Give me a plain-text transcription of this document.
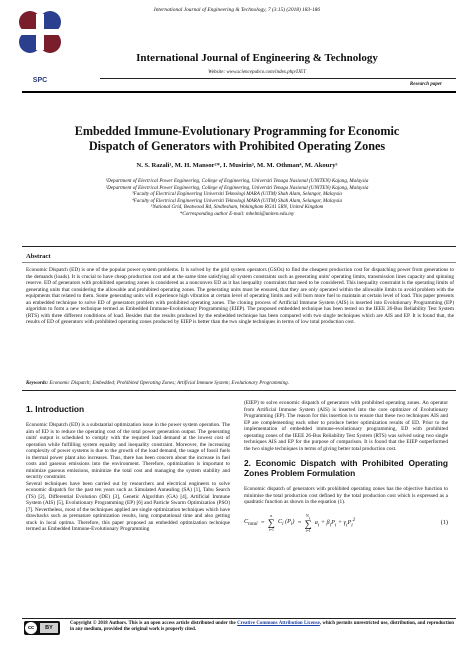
International Journal of Engineering & Technology, 7 (3.15) (2018) 183-186
SPC
International Journal of Engineering & Technology
Website: www.sciencepubco.com/index.php/IJET
Research paper
Embedded Immune-Evolutionary Programming for Economic
Dispatch of Generators with Prohibited Operating Zones
N. S. Razali¹, M. H. Mansor²*, I. Musirin³, M. M. Othman⁴, M. Akoury⁵
¹Department of Electrical Power Engineering, College of Engineering, Universiti Tenaga Nasional (UNITEN) Kajang, Malaysia
²Department of Electrical Power Engineering, College of Engineering, Universiti Tenaga Nasional (UNITEN) Kajang, Malaysia
³Faculty of Electrical Engineering Universiti Teknologi MARA (UiTM) Shah Alam, Selangor, Malaysia
⁴Faculty of Electrical Engineering Universiti Teknologi MARA (UiTM) Shah Alam, Selangor, Malaysia
⁵National Grid, Beatwood Rd, Sindlesham, Wokingham RG41 5RN, United Kingdom
*Corresponding author E-mail: mhelmi@uniten.edu.my
Abstract
Economic Dispatch (ED) is one of the popular power system problems. It is solved by the grid system operators (GSOs) to find the cheapest production cost for dispatching power from generations to the demands (loads). It is crucial to have cheap production cost and at the same time satisfying all system constraints such as generating units' operating limits, transmission lines capacity and spinning reserve. ED of generators with prohibited operating zones is considered as a nonconvex ED as it has inequality constraints that need to be considered. This inequality constraint is the operating limits of generating units that considering the allowable and prohibited operating zones. The generating units must be ensured, that they are only operated within the allowable limits to avoid problem with the equipments that related to them. Some generating units will experience high vibration at certain level of operating limits and will burn more fuel to maintain at certain level of load. This paper presents an embedded technique to solve ED of generators problem with prohibited operating zones. The cloning process of Artificial Immune System (AIS) is inserted into Evolutionary Programming (EP) algorithm to form a new technique termed as Embedded Immune-Evolutionary Programming (EIEP). The proposed embedded technique has been tested on the IEEE 26-Bus Reliability Test System (RTS) with three different conditions of load. Besides that the results produced by the embedded technique has been compared with two single techniques which are AIS and EP. It is found that, the results of ED of generators with prohibited operating zones produced by EIEP is better than the two single techniques in terms of low total production cost.
Keywords: Economic Dispatch; Embedded; Prohibited Operating Zones; Artificial Immune System; Evolutionary Programming.
1. Introduction

Economic Dispatch (ED) is a substantial optimization issue in the power system operation. The aim of ED is to reduce the operating cost of the total power generation output. The generating units' output is scheduled to comply with the required load demand at the lowest cost of operation while fulfilling system equality and inequality constraint. Moreover, the increasing complexity of power systems is due to the growth of the load demand, the usage of fossil fuels in thermal power plant also increases. Thus, there has been concern about the increase in fuel costs and gaseous emissions into the environment. Therefore, optimization is important to minimize gaseous emissions, minimize the total cost and managing the system stability and security constraint.

Several techniques have been carried out by researchers and electrical engineers to solve economic dispatch for the past ten years such as Simulated Annealing (SA) [1], Tabu Search (TS) [2], Differential Evolution (DE) [3], Genetic Algorithm (GA) [4], Artificial Immune System (AIS) [5], Evolutionary Programming (EP) [6] and Particle Swarm Optimization (PSO) [7]. Nevertheless, most of the techniques applied are single optimization techniques which have drawbacks such as premature optimization results, long computational time and also getting stuck in local optima. Therefore, this paper proposed an embedded optimization technique termed as Embedded Immune-Evolutionary Programming

(EIEP) to solve economic dispatch of generators with prohibited operating zones. An operator from Artificial Immune System (AIS) is inserted into the core optimizer of Evolutionary Programming (EP). The reason for this insertion is to ensure that these two techniques AIS and EP are complementing each other to produce better optimization results of ED. Prior to the implementation of embedded immune-evolutionary programming, ED with prohibited operating zones of the IEEE 26-Bus Reliability Test System (RTS) was solved using two single techniques AIS and EP for the purpose of comparison. It is found that the EIEP outperformed the two single techniques in terms of giving better total production cost.

2. Economic Dispatch with Prohibited Operating Zones Problem Formulation

Economic dispatch of generators with prohibited operating zones has the objective function to minimise the total production cost defined by the total production cost which is expressed as a quadratic function as shown in the equation (1).

$C_{total}$ =
n
∑
i=1
$C_i$ $(P_i)$ =
$N_g$
∑
i=1
$a_i + \beta_iP_i + \gamma_iP_i^2$	(1)
cc	BY
Copyright © 2018 Authors. This is an open access article distributed under the Creative Commons Attribution License, which permits unrestricted use, distribution, and reproduction in any medium, provided the original work is properly cited.
